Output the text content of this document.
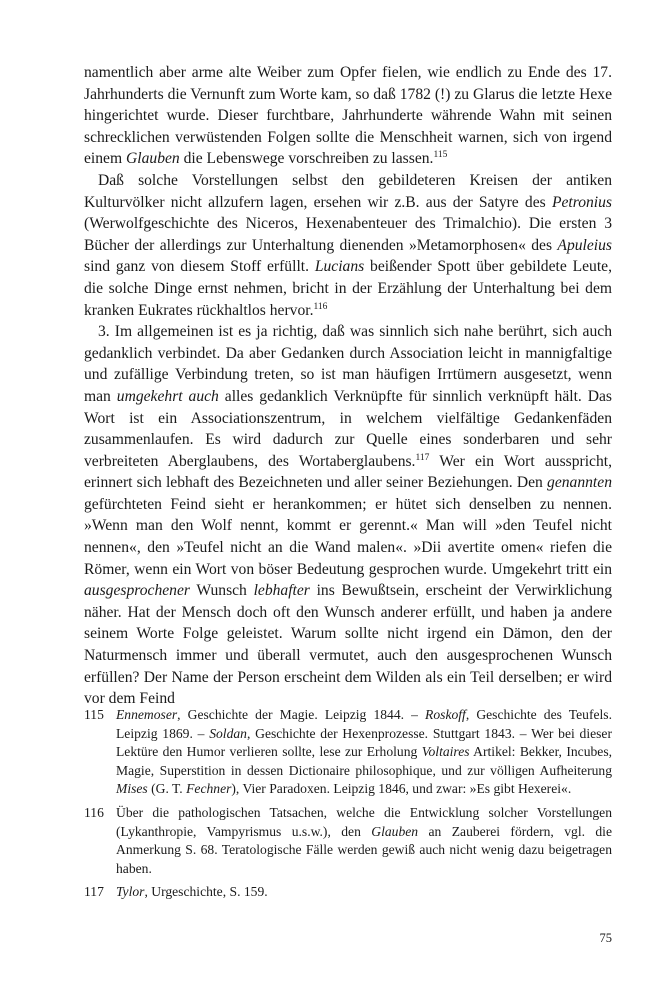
namentlich aber arme alte Weiber zum Opfer fielen, wie endlich zu Ende des 17. Jahrhunderts die Vernunft zum Worte kam, so daß 1782 (!) zu Glarus die letzte Hexe hingerichtet wurde. Dieser furchtbare, Jahrhunderte währende Wahn mit seinen schrecklichen verwüstenden Folgen sollte die Menschheit warnen, sich von irgend einem Glauben die Lebenswege vorschreiben zu lassen.$^{115}$

Daß solche Vorstellungen selbst den gebildeteren Kreisen der antiken Kulturvölker nicht allzufern lagen, ersehen wir z.B. aus der Satyre des Petronius (Werwolfgeschichte des Niceros, Hexenabenteuer des Trimalchio). Die ersten 3 Bücher der allerdings zur Unterhaltung dienenden »Metamorphosen« des Apuleius sind ganz von diesem Stoff erfüllt. Lucians beißender Spott über gebildete Leute, die solche Dinge ernst nehmen, bricht in der Erzählung der Unterhaltung bei dem kranken Eukrates rückhaltlos hervor.$^{116}$

3. Im allgemeinen ist es ja richtig, daß was sinnlich sich nahe berührt, sich auch gedanklich verbindet. Da aber Gedanken durch Association leicht in mannigfaltige und zufällige Verbindung treten, so ist man häufigen Irrtümern ausgesetzt, wenn man umgekehrt auch alles gedanklich Verknüpfte für sinnlich verknüpft hält. Das Wort ist ein Associationszentrum, in welchem vielfältige Gedankenfäden zusammenlaufen. Es wird dadurch zur Quelle eines sonderbaren und sehr verbreiteten Aberglaubens, des Wortaberglaubens.$^{117}$ Wer ein Wort ausspricht, erinnert sich lebhaft des Bezeichneten und aller seiner Beziehungen. Den genannten gefürchteten Feind sieht er herankommen; er hütet sich denselben zu nennen. »Wenn man den Wolf nennt, kommt er gerennt.« Man will »den Teufel nicht nennen«, den »Teufel nicht an die Wand malen«. »Dii avertite omen« riefen die Römer, wenn ein Wort von böser Bedeutung gesprochen wurde. Umgekehrt tritt ein ausgesprochener Wunsch lebhafter ins Bewußtsein, erscheint der Verwirklichung näher. Hat der Mensch doch oft den Wunsch anderer erfüllt, und haben ja andere seinem Worte Folge geleistet. Warum sollte nicht irgend ein Dämon, den der Naturmensch immer und überall vermutet, auch den ausgesprochenen Wunsch erfüllen? Der Name der Person erscheint dem Wilden als ein Teil derselben; er wird vor dem Feind

115 Ennemoser, Geschichte der Magie. Leipzig 1844. – Roskoff, Geschichte des Teufels. Leipzig 1869. – Soldan, Geschichte der Hexenprozesse. Stuttgart 1843. – Wer bei dieser Lektüre den Humor verlieren sollte, lese zur Erholung Voltaires Artikel: Bekker, Incubes, Magie, Superstition in dessen Dictionaire philosophique, und zur völligen Aufheiterung Mises (G. T. Fechner), Vier Paradoxen. Leipzig 1846, und zwar: »Es gibt Hexerei«.
116 Über die pathologischen Tatsachen, welche die Entwicklung solcher Vorstellungen (Lykanthropie, Vampyrismus u.s.w.), den Glauben an Zauberei fördern, vgl. die Anmerkung S. 68. Teratologische Fälle werden gewiß auch nicht wenig dazu beigetragen haben.
117 Tylor, Urgeschichte, S. 159.
75
